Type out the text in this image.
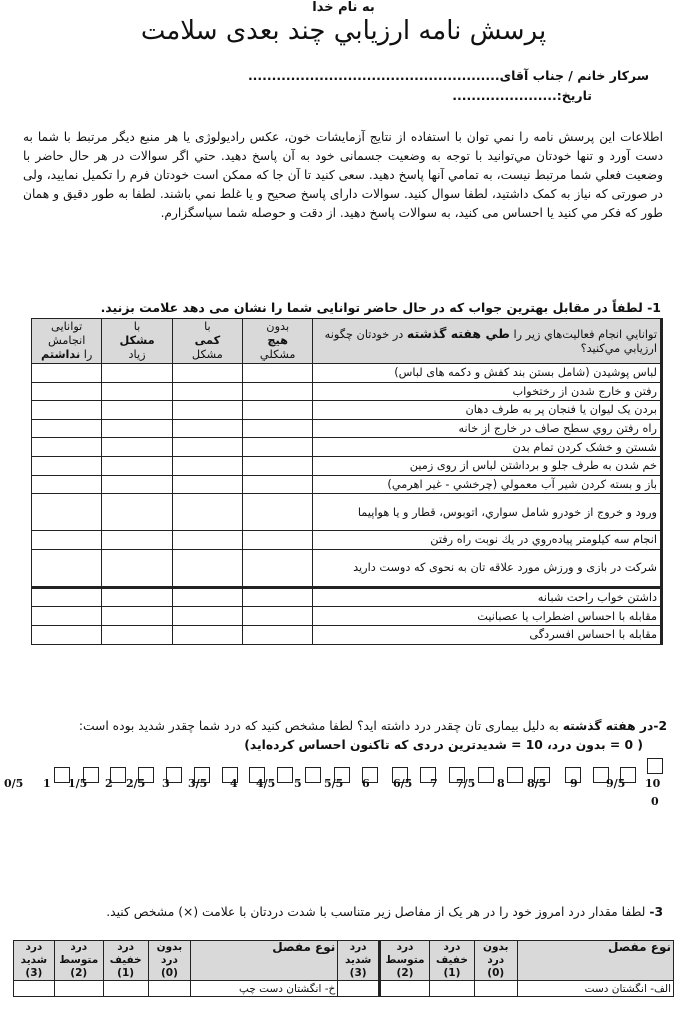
به نام خدا
پرسش نامه ارزيابي چند بعدی سلامت
سرکار خانم / جناب آقای.....................................................
تاريخ:......................
اطلاعات اين پرسش نامه را نمي توان با استفاده از نتايج آزمايشات خون، عکس راديولوژی يا هر منبع ديگر مرتبط با شما به دست آورد و تنها خودتان مي‌توانيد با توجه به وضعيت جسمانی خود به آن پاسخ دهيد. حتي اگر سوالات در هر حال حاضر با وضعيت فعلي شما مرتبط نيست، به تمامي آنها پاسخ دهيد. سعی کنيد تا آن جا که ممکن است خودتان فرم را تکميل نماييد، ولی در صورتی که نياز به کمک داشتيد، لطفا سوال کنيد. سوالات دارای پاسخ صحيح و يا غلط نمي باشند. لطفا به طور دقيق و همان طور که فکر مي کنيد يا احساس می کنيد، به سوالات پاسخ دهيد. از دقت و حوصله شما سپاسگزارم.
1- لطفاً در مقابل بهترين جواب که در حال حاضر توانايی شما را نشان می دهد علامت بزنيد.
توانايي انجام فعاليت‌هاي زير را طي هفته گذشته در خودتان چگونه ارزيابي مي‌كنيد؟	بدون
هيچ
مشكلي	با
كمی
مشكل	با
مشکل
زياد	توانايی
انجامش
را نداشتم
لباس پوشيدن (شامل بستن بند کفش و دکمه های لباس)				
رفتن و خارج شدن از رختخواب				
بردن يک ليوان يا فنجان پر به طرف دهان				
راه رفتن روي سطح صاف در خارج از خانه				
شستن و خشک کردن تمام بدن				
خم شدن به طرف جلو و برداشتن لباس از روی زمين				
باز و بسته کردن شير آب معمولي (چرخشي - غير اهرمي)				
ورود و خروج از خودرو شامل سواري، اتوبوس، قطار و يا هواپيما				
انجام سه كيلومتر پياده‌روي در يك نوبت راه رفتن				
شركت در بازی و ورزش مورد علاقه تان به نحوی كه دوست داريد				
داشتن خواب راحت شبانه				
مقابله با احساس اضطراب يا عصبانيت				
مقابله با احساس افسردگی				
2-در هفته گذشته به دليل بيماری تان چقدر درد داشته ايد؟ لطفا مشخص کنيد که درد شما چقدر شديد بوده است:
( 0 = بدون درد، 10 = شديدترين دردی که تاکنون احساس کرده‌ايد)
0/5 1 1/5 2 2/5 3 3/5 4 4/5 5 5/5 6 6/5 7 7/5 8 8/5 9	9/5 10
0
3- لطفا مقدار درد امروز خود را در هر يک از مفاصل زير متناسب با شدت دردتان با علامت (×) مشخص کنيد.
نوع مفصل	بدون
درد
(0)	درد
خفيف
(1)	درد
متوسط
(2)	درد
شديد
(3)	نوع مفصل	بدون
درد
(0)	درد
خفيف
(1)	درد
متوسط
(2)	درد
شديد
(3)
الف- انگشتان دست					خ- انگشتان دست چپ				
